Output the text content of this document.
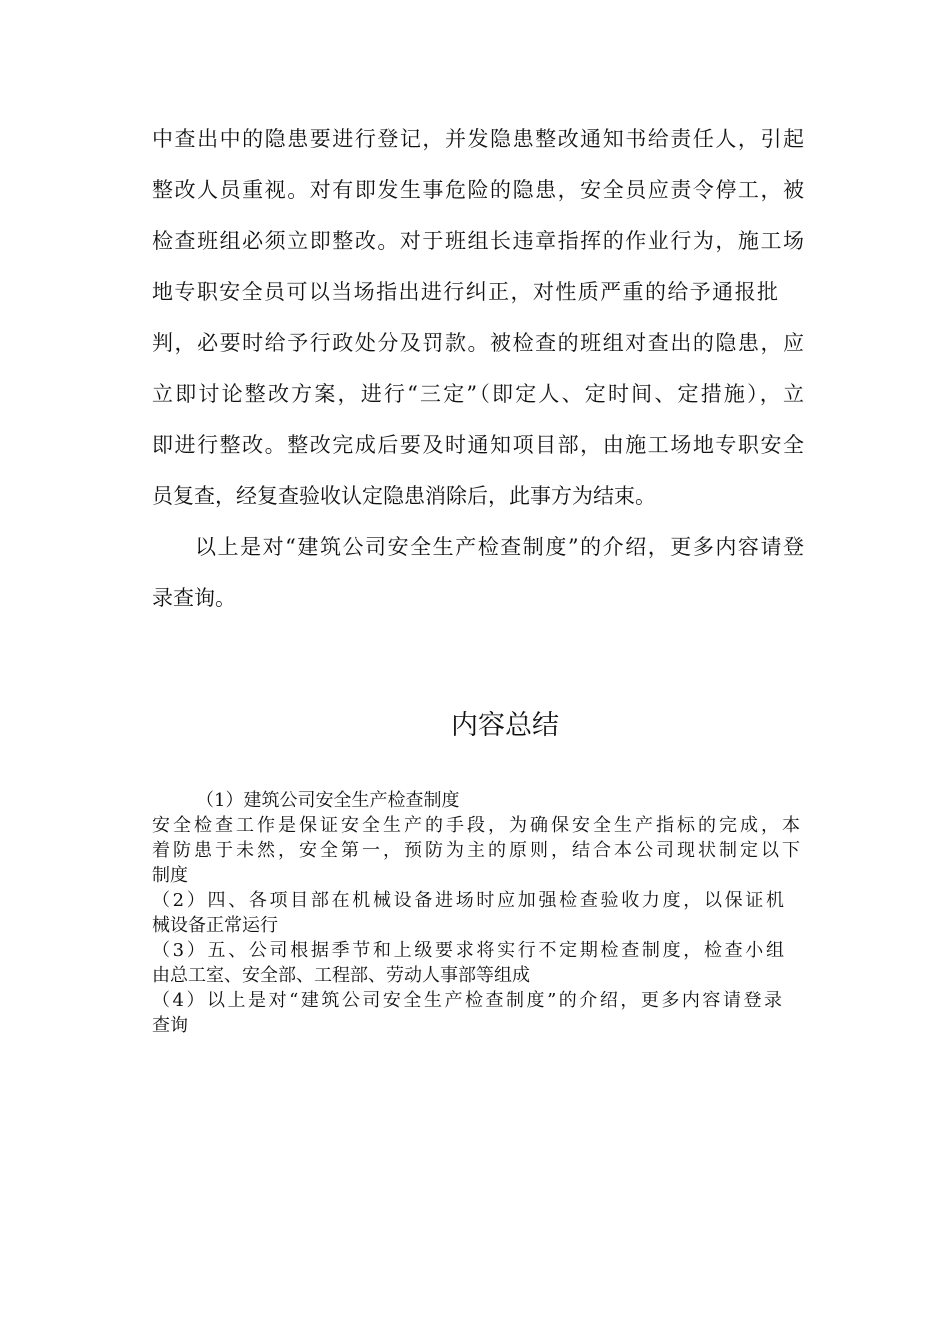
中查出中的隐患要进行登记，并发隐患整改通知书给责任人，引起
整改人员重视。对有即发生事危险的隐患，安全员应责令停工，被
检查班组必须立即整改。对于班组长违章指挥的作业行为，施工场
地专职安全员可以当场指出进行纠正，对性质严重的给予通报批
判，必要时给予行政处分及罚款。被检查的班组对查出的隐患，应
立即讨论整改方案，进行“三定”（即定人、定时间、定措施），立
即进行整改。整改完成后要及时通知项目部，由施工场地专职安全
员复查，经复查验收认定隐患消除后，此事方为结束。
以上是对“建筑公司安全生产检查制度”的介绍，更多内容请登
录查询。
内容总结
（1）建筑公司安全生产检查制度
安全检查工作是保证安全生产的手段，为确保安全生产指标的完成，本
着防患于未然，安全第一，预防为主的原则，结合本公司现状制定以下
制度
（2）四、各项目部在机械设备进场时应加强检查验收力度，以保证机
械设备正常运行
（3）五、公司根据季节和上级要求将实行不定期检查制度，检查小组
由总工室、安全部、工程部、劳动人事部等组成
（4）以上是对“建筑公司安全生产检查制度”的介绍，更多内容请登录
查询
